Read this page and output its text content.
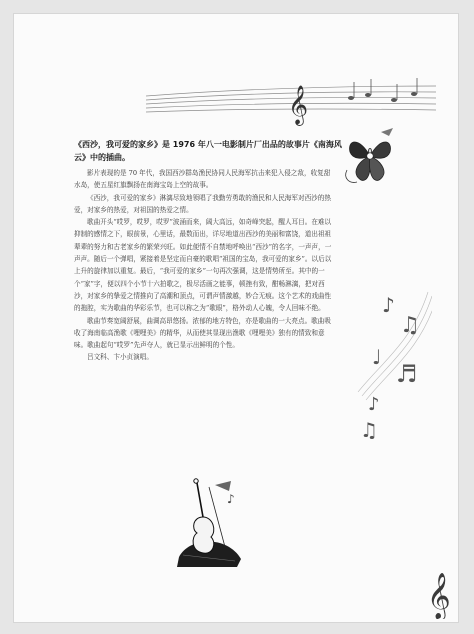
𝄞

《西沙，我可爱的家乡》是 1976 年八一电影制片厂出品的故事片《南海风云》中的插曲。

影片表现的是 70 年代，我国西沙群岛渔民协同人民海军抗击来犯入侵之敌，收复甜水岛，使五星红旗飘扬在南海宝岛上空的故事。

《西沙，我可爱的家乡》淋漓尽致地领唱了我勤劳勇敢的渔民和人民海军对西沙的热爱，对家乡的热爱，对祖国的热爱之情。

歌曲开头“哎罗，哎罗，哎罗”波涌而来，阔大高远，如奇峰突起，醒人耳目。在难以抑制的感情之下，眼前景，心里话，最数而出，详尽地道出西沙的美丽和富饶，道出祖祖辈辈的努力和古老家乡的繁荣兴旺。如此便情不自禁地呼唤出“西沙”的名字，一声声，一声声。随后一个弹唱，紧接着是坚定而自豪的歌唱“祖国的宝岛，我可爱的家乡”。以后以上升的旋律加以重复。最后，“我可爱的家乡”一句再次强调，这是情势所至。其中的一个“家”字，便以四个小节十六拍歌之，极尽活画之能事，顿挫有致，酣畅淋漓，把对西沙，对家乡的挚爱之情推向了高潮和顶点，可谓声情激越，妙合无痕。这个艺术的戏曲性的拖腔，实为歌曲的华彩乐节，也可以称之为“歌眼”，格外动人心魄，令人回味不绝。

歌曲节奏宽阔舒展，曲调高昂悠扬。浓郁的地方特色，亦是歌曲的一大亮点。歌曲吸收了海南临高渔歌《哩哩美》的精华，从而使其显现出渔歌《哩哩美》独有的情致和意味。歌曲起句“哎罗”先声夺人，就已显示出鲜明的个性。

吕文科、卞小贞演唱。

♪
♫
♩
♬
♪
♫
♪
𝄞
